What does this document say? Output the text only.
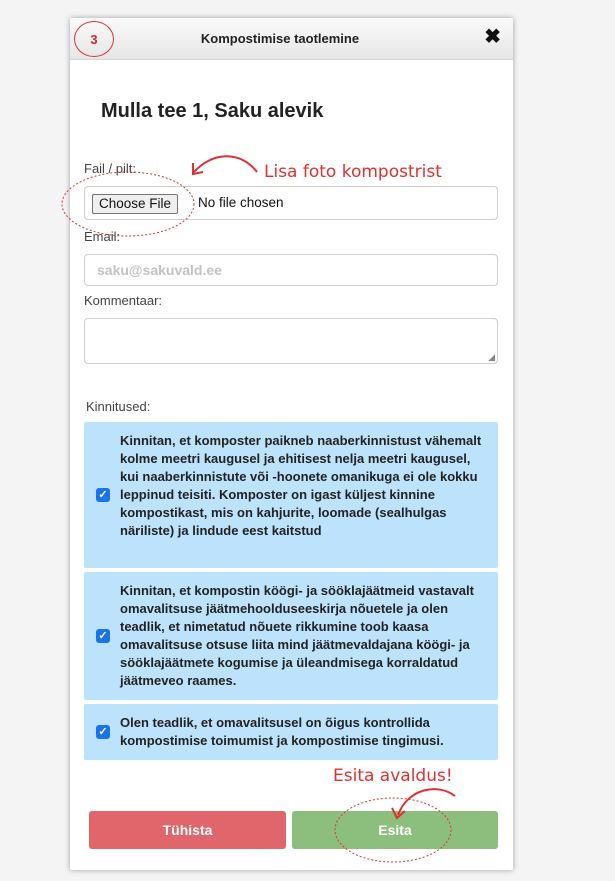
3	Kompostimise taotlemine	✖
Mulla tee 1, Saku alevik
Fail / pilt:
Choose File	No file chosen
Email:
saku@sakuvald.ee
Kommentaar:
◢
Kinnitused:
✓
Kinnitan, et komposter paikneb naaberkinnistust vähemalt kolme meetri kaugusel ja ehitisest nelja meetri kaugusel, kui naaberkinnistute või -hoonete omanikuga ei ole kokku leppinud teisiti. Komposter on igast küljest kinnine kompostikast, mis on kahjurite, loomade (sealhulgas näriliste) ja lindude eest kaitstud
✓
Kinnitan, et kompostin köögi- ja sööklajäätmeid vastavalt omavalitsuse jäätmehoolduseeskirja nõuetele ja olen teadlik, et nimetatud nõuete rikkumine toob kaasa omavalitsuse otsuse liita mind jäätmevaldajana köögi- ja sööklajäätmete kogumise ja üleandmisega korraldatud jäätmeveo raames.
✓
Olen teadlik, et omavalitsusel on õigus kontrollida kompostimise toimumist ja kompostimise tingimusi.
Tühista	Esita
Lisa foto kompostrist
Esita avaldus!
